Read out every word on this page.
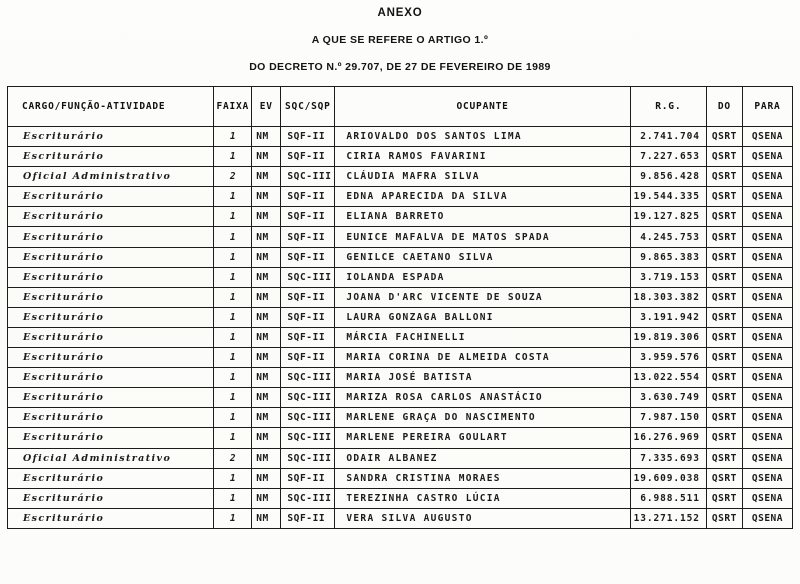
ANEXO
A QUE SE REFERE O ARTIGO 1.º
DO DECRETO N.º 29.707, DE 27 DE FEVEREIRO DE 1989
CARGO/FUNÇÃO-ATIVIDADE	FAIXA	EV	SQC/SQP	OCUPANTE	R.G.	DO	PARA
Escriturário	1	NM	SQF-II	ARIOVALDO DOS SANTOS LIMA	2.741.704	QSRT	QSENA
Escriturário	1	NM	SQF-II	CIRIA RAMOS FAVARINI	7.227.653	QSRT	QSENA
Oficial Administrativo	2	NM	SQC-III	CLÁUDIA MAFRA SILVA	9.856.428	QSRT	QSENA
Escriturário	1	NM	SQF-II	EDNA APARECIDA DA SILVA	19.544.335	QSRT	QSENA
Escriturário	1	NM	SQF-II	ELIANA BARRETO	19.127.825	QSRT	QSENA
Escriturário	1	NM	SQF-II	EUNICE MAFALVA DE MATOS SPADA	4.245.753	QSRT	QSENA
Escriturário	1	NM	SQF-II	GENILCE CAETANO SILVA	9.865.383	QSRT	QSENA
Escriturário	1	NM	SQC-III	IOLANDA ESPADA	3.719.153	QSRT	QSENA
Escriturário	1	NM	SQF-II	JOANA D'ARC VICENTE DE SOUZA	18.303.382	QSRT	QSENA
Escriturário	1	NM	SQF-II	LAURA GONZAGA BALLONI	3.191.942	QSRT	QSENA
Escriturário	1	NM	SQF-II	MÁRCIA FACHINELLI	19.819.306	QSRT	QSENA
Escriturário	1	NM	SQF-II	MARIA CORINA DE ALMEIDA COSTA	3.959.576	QSRT	QSENA
Escriturário	1	NM	SQC-III	MARIA JOSÉ BATISTA	13.022.554	QSRT	QSENA
Escriturário	1	NM	SQC-III	MARIZA ROSA CARLOS ANASTÁCIO	3.630.749	QSRT	QSENA
Escriturário	1	NM	SQC-III	MARLENE GRAÇA DO NASCIMENTO	7.987.150	QSRT	QSENA
Escriturário	1	NM	SQC-III	MARLENE PEREIRA GOULART	16.276.969	QSRT	QSENA
Oficial Administrativo	2	NM	SQC-III	ODAIR ALBANEZ	7.335.693	QSRT	QSENA
Escriturário	1	NM	SQF-II	SANDRA CRISTINA MORAES	19.609.038	QSRT	QSENA
Escriturário	1	NM	SQC-III	TEREZINHA CASTRO LÚCIA	6.988.511	QSRT	QSENA
Escriturário	1	NM	SQF-II	VERA SILVA AUGUSTO	13.271.152	QSRT	QSENA
